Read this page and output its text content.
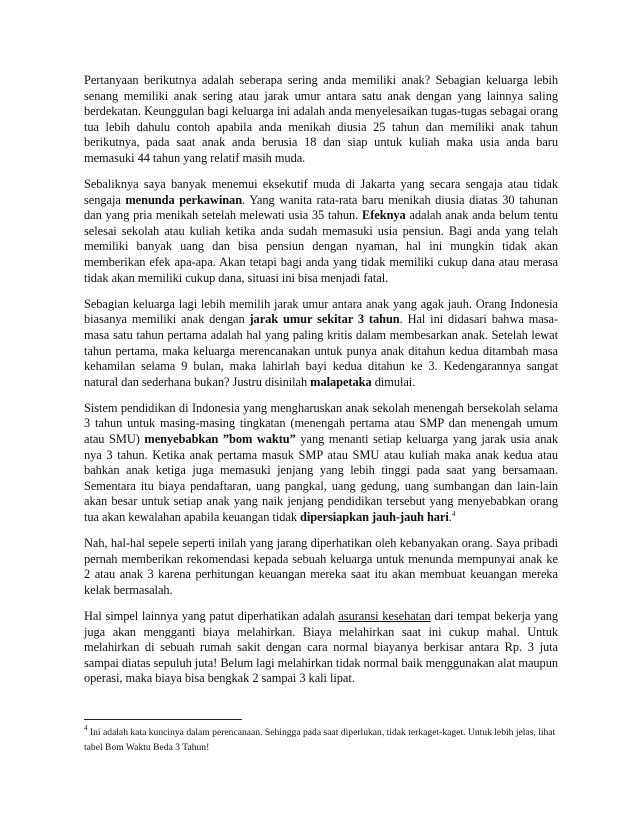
Pertanyaan berikutnya adalah seberapa sering anda memiliki anak? Sebagian keluarga lebih senang memiliki anak sering atau jarak umur antara satu anak dengan yang lainnya saling berdekatan. Keunggulan bagi keluarga ini adalah anda menyelesaikan tugas-tugas sebagai orang tua lebih dahulu contoh apabila anda menikah diusia 25 tahun dan memiliki anak tahun berikutnya, pada saat anak anda berusia 18 dan siap untuk kuliah maka usia anda baru memasuki 44 tahun yang relatif masih muda.

Sebaliknya saya banyak menemui eksekutif muda di Jakarta yang secara sengaja atau tidak sengaja menunda perkawinan. Yang wanita rata-rata baru menikah diusia diatas 30 tahunan dan yang pria menikah setelah melewati usia 35 tahun. Efeknya adalah anak anda belum tentu selesai sekolah atau kuliah ketika anda sudah memasuki usia pensiun. Bagi anda yang telah memiliki banyak uang dan bisa pensiun dengan nyaman, hal ini mungkin tidak akan memberikan efek apa-apa. Akan tetapi bagi anda yang tidak memiliki cukup dana atau merasa tidak akan memiliki cukup dana, situasi ini bisa menjadi fatal.

Sebagian keluarga lagi lebih memilih jarak umur antara anak yang agak jauh. Orang Indonesia biasanya memiliki anak dengan jarak umur sekitar 3 tahun. Hal ini didasari bahwa masa-masa satu tahun pertama adalah hal yang paling kritis dalam membesarkan anak. Setelah lewat tahun pertama, maka keluarga merencanakan untuk punya anak ditahun kedua ditambah masa kehamilan selama 9 bulan, maka lahirlah bayi kedua ditahun ke 3. Kedengarannya sangat natural dan sederhana bukan? Justru disinilah malapetaka dimulai.

Sistem pendidikan di Indonesia yang mengharuskan anak sekolah menengah bersekolah selama 3 tahun untuk masing-masing tingkatan (menengah pertama atau SMP dan menengah umum atau SMU) menyebabkan ”bom waktu” yang menanti setiap keluarga yang jarak usia anak nya 3 tahun. Ketika anak pertama masuk SMP atau SMU atau kuliah maka anak kedua atau bahkan anak ketiga juga memasuki jenjang yang lebih tinggi pada saat yang bersamaan. Sementara itu biaya pendaftaran, uang pangkal, uang gedung, uang sumbangan dan lain-lain akan besar untuk setiap anak yang naik jenjang pendidikan tersebut yang menyebabkan orang tua akan kewalahan apabila keuangan tidak dipersiapkan jauh-jauh hari.$^4$

Nah, hal-hal sepele seperti inilah yang jarang diperhatikan oleh kebanyakan orang. Saya pribadi pernah memberikan rekomendasi kepada sebuah keluarga untuk menunda mempunyai anak ke 2 atau anak 3 karena perhitungan keuangan mereka saat itu akan membuat keuangan mereka kelak bermasalah.

Hal simpel lainnya yang patut diperhatikan adalah asuransi kesehatan dari tempat bekerja yang juga akan mengganti biaya melahirkan. Biaya melahirkan saat ini cukup mahal. Untuk melahirkan di sebuah rumah sakit dengan cara normal biayanya berkisar antara Rp. 3 juta sampai diatas sepuluh juta! Belum lagi melahirkan tidak normal baik menggunakan alat maupun operasi, maka biaya bisa bengkak 2 sampai 3 kali lipat.

$^4$ Ini adalah kata kuncinya dalam perencanaan. Sehingga pada saat diperlukan, tidak terkaget-kaget. Untuk lebih jelas, lihat tabel Bom Waktu Beda 3 Tahun!
